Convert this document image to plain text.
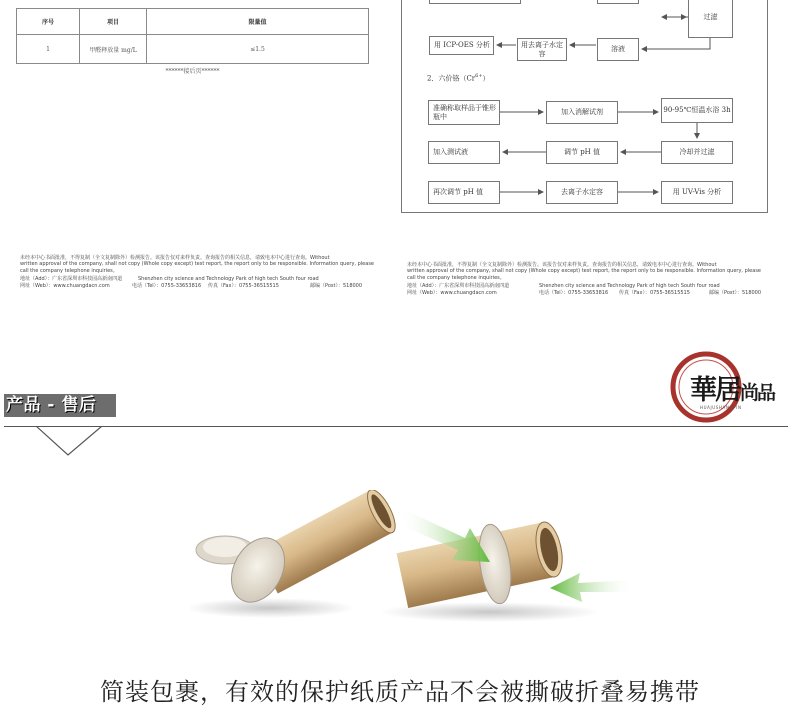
序号	项目	限量值
1	甲醛释放量 mg/L	≤1.5
******接后页******
未经本中心书面批准，不得复制（全文复制除外）检测报告。该报告仅对来样负责。查询报告的相关信息，请致电本中心进行查询。Without
written approval of the company, shall not copy (Whole copy except) test report, the report only to be responsible. Information query, please
call the company telephone inquiries。
地址（Add）：广东省深圳市科技园高新南四道	Shenzhen city science and Technology Park of high tech South four road
网址（Web）：www.chuangdacn.com	电话（Tel）：0755-33653816 传真（Fax）：0755-36515515	邮编（Post）：518000
过滤
用 ICP-OES 分析	用去离子水定容
溶液
2．六价铬$(Cr^{6+})$
准确称取样品于锥形瓶中
加入消解试剂	90-95℃恒温水浴 3h
加入测试液	调节 pH 值	冷却并过滤
再次调节 pH 值	去离子水定容	用 UV-Vis 分析
未经本中心书面批准，不得复制（全文复制除外）检测报告。该报告仅对来样负责。查询报告的相关信息，请致电本中心进行查询。Without
written approval of the company, shall not copy (Whole copy except) test report, the report only to be responsible. Information query, please
call the company telephone inquiries。
地址（Add）：广东省深圳市科技园高新南四道	Shenzhen city science and Technology Park of high tech South four road
网址（Web）：www.chuangdacn.com	电话（Tel）：0755-33653816 传真（Fax）：0755-36515515	邮编（Post）：518000
華居尚品
HUAJUSHANGPIN
产品 - 售后
简装包裹，有效的保护纸质产品不会被撕破折叠易携带
